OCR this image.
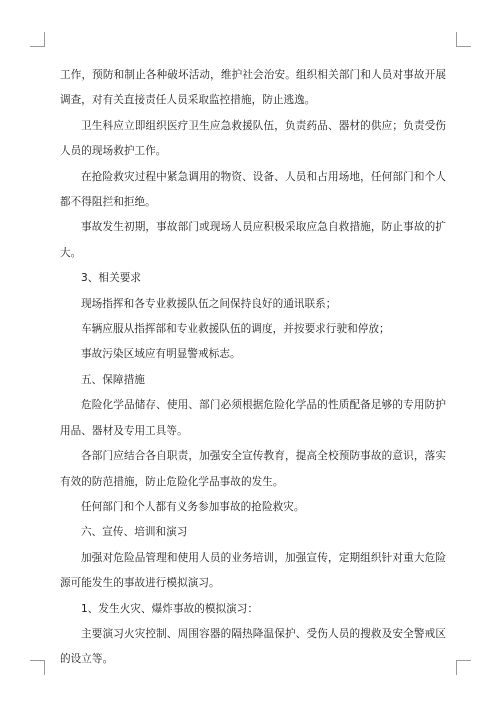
工作，预防和制止各种破坏活动，维护社会治安。组织相关部门和人员对事故开展调查，对有关直接责任人员采取监控措施，防止逃逸。

卫生科应立即组织医疗卫生应急救援队伍，负责药品、器材的供应；负责受伤人员的现场救护工作。

在抢险救灾过程中紧急调用的物资、设备、人员和占用场地，任何部门和个人都不得阻拦和拒绝。

事故发生初期，事故部门或现场人员应积极采取应急自救措施，防止事故的扩大。

3、相关要求

现场指挥和各专业救援队伍之间保持良好的通讯联系；

车辆应服从指挥部和专业救援队伍的调度，并按要求行驶和停放；

事故污染区域应有明显警戒标志。

五、保障措施

危险化学品储存、使用、部门必须根据危险化学品的性质配备足够的专用防护用品、器材及专用工具等。

各部门应结合各自职责，加强安全宣传教育，提高全校预防事故的意识，落实有效的防范措施，防止危险化学品事故的发生。

任何部门和个人都有义务参加事故的抢险救灾。

六、宣传、培训和演习

加强对危险品管理和使用人员的业务培训，加强宣传，定期组织针对重大危险源可能发生的事故进行模拟演习。

1、发生火灾、爆炸事故的模拟演习：

主要演习火灾控制、周围容器的隔热降温保护、受伤人员的搜救及安全警戒区的设立等。
